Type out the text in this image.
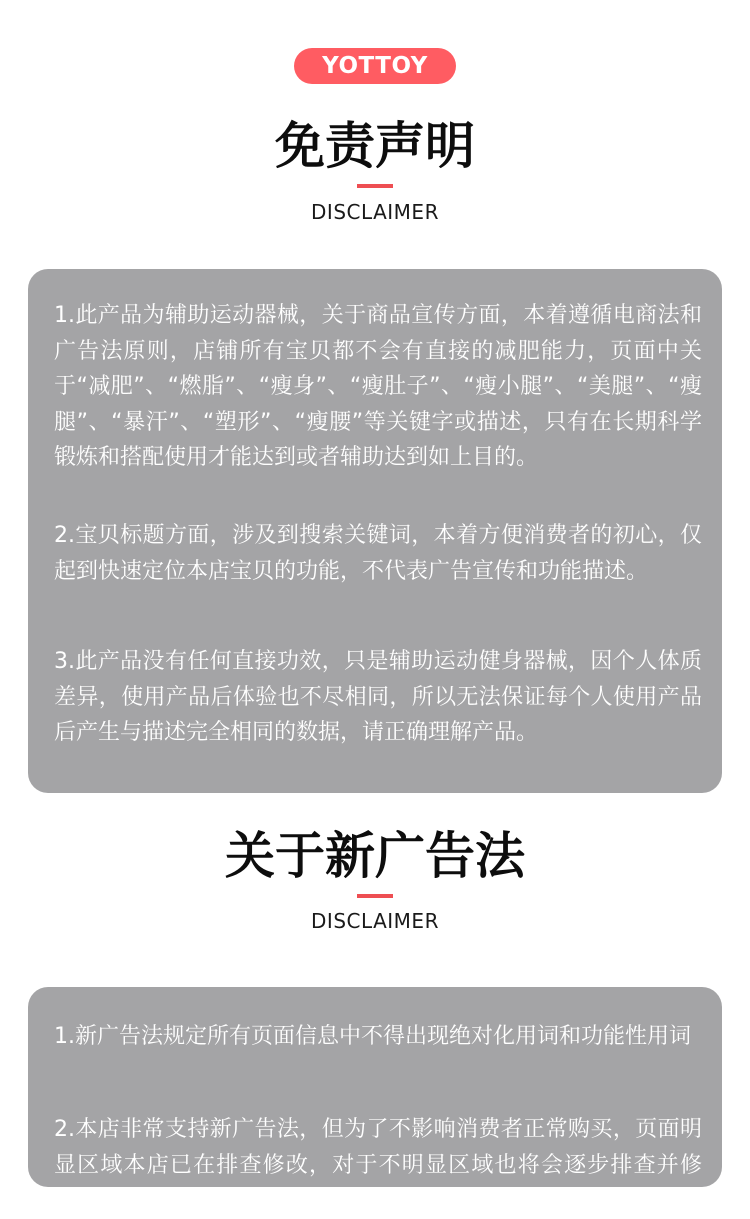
YOTTOY
免责声明
DISCLAIMER
1.此产品为辅助运动器械，关于商品宣传方面，本着遵循电商法和广告法原则，店铺所有宝贝都不会有直接的减肥能力，页面中关于“减肥”、“燃脂”、“瘦身”、“瘦肚子”、“瘦小腿”、“美腿”、“瘦腿”、“暴汗”、“塑形”、“瘦腰”等关键字或描述，只有在长期科学锻炼和搭配使用才能达到或者辅助达到如上目的。
2.宝贝标题方面，涉及到搜索关键词，本着方便消费者的初心，仅起到快速定位本店宝贝的功能，不代表广告宣传和功能描述。
3.此产品没有任何直接功效，只是辅助运动健身器械，因个人体质差异，使用产品后体验也不尽相同，所以无法保证每个人使用产品后产生与描述完全相同的数据，请正确理解产品。
关于新广告法
DISCLAIMER
1.新广告法规定所有页面信息中不得出现绝对化用词和功能性用词
2.本店非常支持新广告法，但为了不影响消费者正常购买，页面明显区域本店已在排查修改，对于不明显区域也将会逐步排查并修改。
